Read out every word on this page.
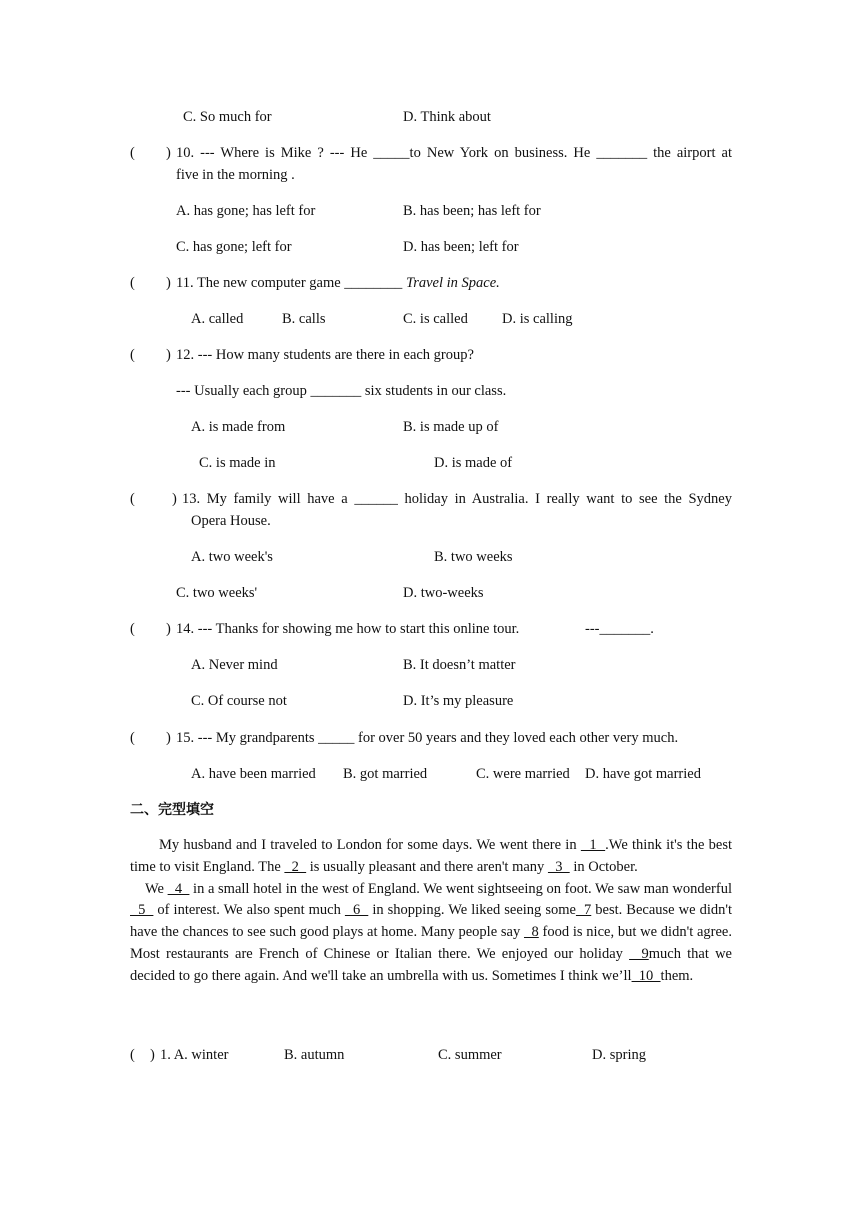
C. So much for	D. Think about
( ) 10. --- Where is Mike ? --- He _____to New York on business. He _______ the airport at
five in the morning .
A. has gone; has left for	B. has been; has left for
C. has gone; left for	D. has been; left for
( ) 11. The new computer game ________ Travel in Space.
A. called	B. calls	C. is called D. is calling
( ) 12. --- How many students are there in each group?
--- Usually each group _______ six students in our class.
A. is made from	B. is made up of
C. is made in	D. is made of
(	) 13. My family will have a ______ holiday in Australia. I really want to see the Sydney
Opera House.
A. two week's	B. two weeks
C. two weeks'	D. two-weeks
( ) 14. --- Thanks for showing me how to start this online tour.	---_______.
A. Never mind	B. It doesn’t matter
C. Of course not	D. It’s my pleasure
( ) 15. --- My grandparents _____ for over 50 years and they loved each other very much.
A. have been married B. got married	C. were married D. have got married
二、完型填空

My husband and I traveled to London for some days. We went there in   1  .We think it's the best time to visit England. The   2   is usually pleasant and there aren't many   3   in October.

We   4   in a small hotel in the west of England. We went sightseeing on foot. We saw man wonderful   5   of interest. We also spent much   6   in shopping. We liked seeing some  7 best. Because we didn't have the chances to see such good plays at home. Many people say   8 food is nice, but we didn't agree. Most restaurants are French of Chinese or Italian there. We enjoyed our holiday   9much that we decided to go there again. And we'll take an umbrella with us. Sometimes I think we’ll  10  them.

( ) 1. A. winter	B. autumn	C. summer	D. spring
